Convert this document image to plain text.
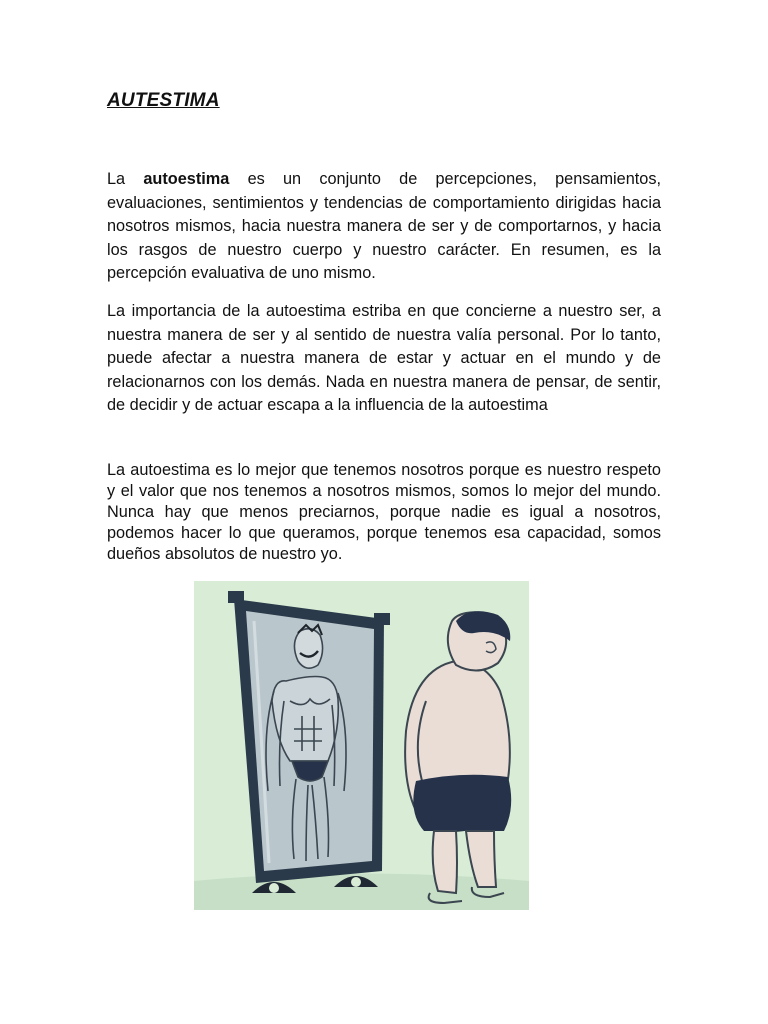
AUTESTIMA

La autoestima es un conjunto de percepciones, pensamientos, evaluaciones, sentimientos y tendencias de comportamiento dirigidas hacia nosotros mismos, hacia nuestra manera de ser y de comportarnos, y hacia los rasgos de nuestro cuerpo y nuestro carácter. En resumen, es la percepción evaluativa de uno mismo.

La importancia de la autoestima estriba en que concierne a nuestro ser, a nuestra manera de ser y al sentido de nuestra valía personal. Por lo tanto, puede afectar a nuestra manera de estar y actuar en el mundo y de relacionarnos con los demás. Nada en nuestra manera de pensar, de sentir, de decidir y de actuar escapa a la influencia de la autoestima

La autoestima es lo mejor que tenemos nosotros porque es nuestro respeto y el valor que nos tenemos a nosotros mismos, somos lo mejor del mundo. Nunca hay que menos preciarnos, porque nadie es igual a nosotros, podemos hacer lo que queramos, porque tenemos esa capacidad, somos dueños absolutos de nuestro yo.
